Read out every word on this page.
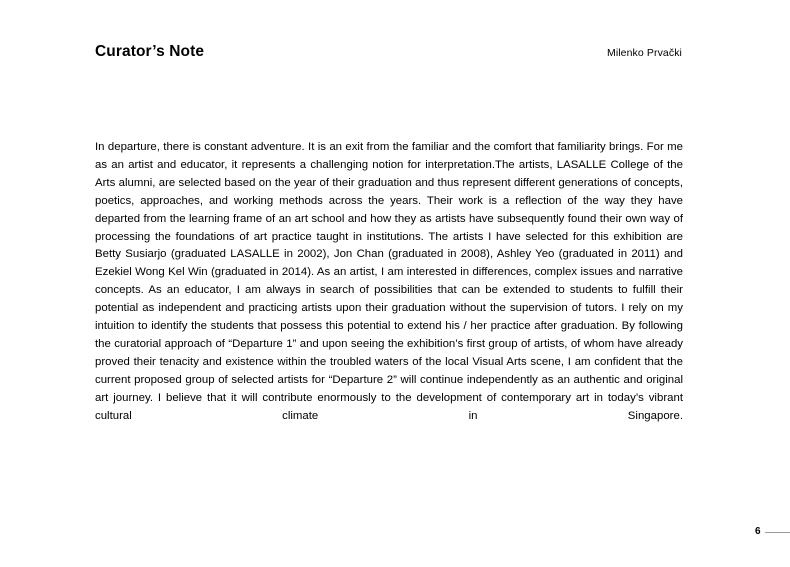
Curator’s Note	Milenko Prvački

In departure, there is constant adventure. It is an exit from the familiar and the comfort that familiarity brings. For me as an artist and educator, it represents a challenging notion for interpretation.The artists, LASALLE College of the Arts alumni, are selected based on the year of their graduation and thus represent different generations of concepts, poetics, approaches, and working methods across the years. Their work is a reflection of the way they have departed from the learning frame of an art school and how they as artists have subsequently found their own way of processing the foundations of art practice taught in institutions. The artists I have selected for this exhibition are Betty Susiarjo (graduated LASALLE in 2002), Jon Chan (graduated in 2008), Ashley Yeo (graduated in 2011) and Ezekiel Wong Kel Win (graduated in 2014). As an artist, I am interested in differences, complex issues and narrative concepts. As an educator, I am always in search of possibilities that can be extended to students to fulfill their potential as independent and practicing artists upon their graduation without the supervision of tutors. I rely on my intuition to identify the students that possess this potential to extend his / her practice after graduation. By following the curatorial approach of “Departure 1” and upon seeing the exhibition’s first group of artists, of whom have already proved their tenacity and existence within the troubled waters of the local Visual Arts scene, I am confident that the current proposed group of selected artists for “Departure 2” will continue independently as an authentic and original art journey. I believe that it will contribute enormously to the development of contemporary art in today’s vibrant cultural climate in Singapore.

6
